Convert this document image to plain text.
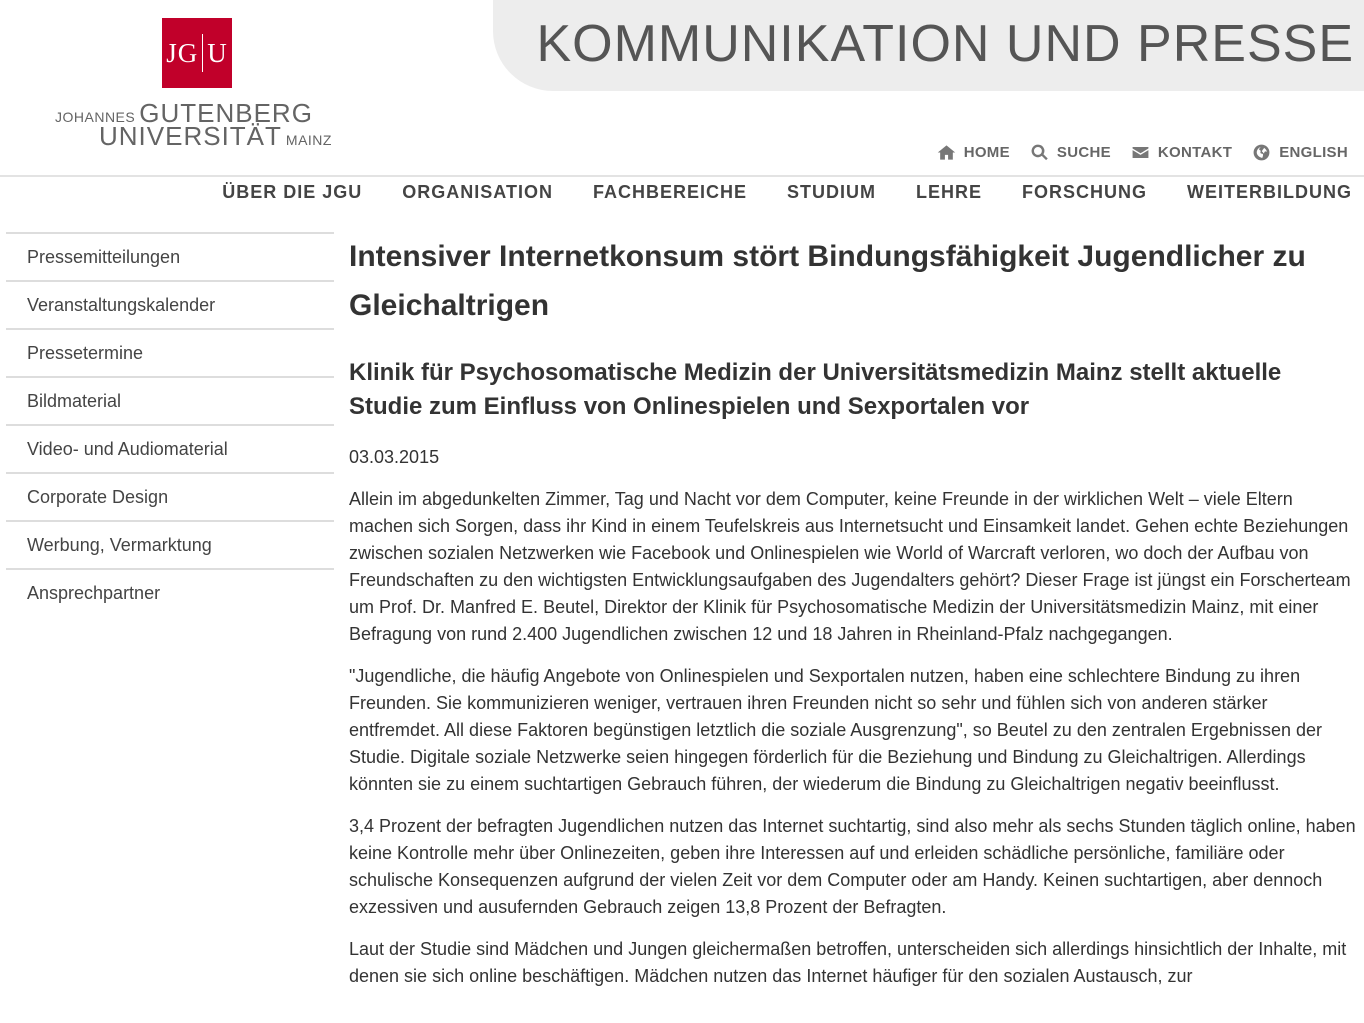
JG U
JOHANNES GUTENBERG
UNIVERSITÄT MAINZ
KOMMUNIKATION UND PRESSE
HOME	SUCHE	KONTAKT	ENGLISH
ÜBER DIE JGU ORGANISATION FACHBEREICHE STUDIUM LEHRE FORSCHUNG WEITERBILDUNG
Pressemitteilungen
Veranstaltungskalender
Pressetermine
Bildmaterial
Video- und Audiomaterial
Corporate Design
Werbung, Vermarktung
Ansprechpartner
Intensiver Internetkonsum stört Bindungsfähigkeit Jugendlicher zu Gleichaltrigen
Klinik für Psychosomatische Medizin der Universitätsmedizin Mainz stellt aktuelle Studie zum Einfluss von Onlinespielen und Sexportalen vor
03.03.2015

Allein im abgedunkelten Zimmer, Tag und Nacht vor dem Computer, keine Freunde in der wirklichen Welt – viele Eltern machen sich Sorgen, dass ihr Kind in einem Teufelskreis aus Internetsucht und Einsamkeit landet. Gehen echte Beziehungen zwischen sozialen Netzwerken wie Facebook und Onlinespielen wie World of Warcraft verloren, wo doch der Aufbau von Freundschaften zu den wichtigsten Entwicklungsaufgaben des Jugendalters gehört? Dieser Frage ist jüngst ein Forscherteam um Prof. Dr. Manfred E. Beutel, Direktor der Klinik für Psychosomatische Medizin der Universitätsmedizin Mainz, mit einer Befragung von rund 2.400 Jugendlichen zwischen 12 und 18 Jahren in Rheinland-Pfalz nachgegangen.

"Jugendliche, die häufig Angebote von Onlinespielen und Sexportalen nutzen, haben eine schlechtere Bindung zu ihren Freunden. Sie kommunizieren weniger, vertrauen ihren Freunden nicht so sehr und fühlen sich von anderen stärker entfremdet. All diese Faktoren begünstigen letztlich die soziale Ausgrenzung", so Beutel zu den zentralen Ergebnissen der Studie. Digitale soziale Netzwerke seien hingegen förderlich für die Beziehung und Bindung zu Gleichaltrigen. Allerdings könnten sie zu einem suchtartigen Gebrauch führen, der wiederum die Bindung zu Gleichaltrigen negativ beeinflusst.

3,4 Prozent der befragten Jugendlichen nutzen das Internet suchtartig, sind also mehr als sechs Stunden täglich online, haben keine Kontrolle mehr über Onlinezeiten, geben ihre Interessen auf und erleiden schädliche persönliche, familiäre oder schulische Konsequenzen aufgrund der vielen Zeit vor dem Computer oder am Handy. Keinen suchtartigen, aber dennoch exzessiven und ausufernden Gebrauch zeigen 13,8 Prozent der Befragten.

Laut der Studie sind Mädchen und Jungen gleichermaßen betroffen, unterscheiden sich allerdings hinsichtlich der Inhalte, mit denen sie sich online beschäftigen. Mädchen nutzen das Internet häufiger für den sozialen Austausch, zur
